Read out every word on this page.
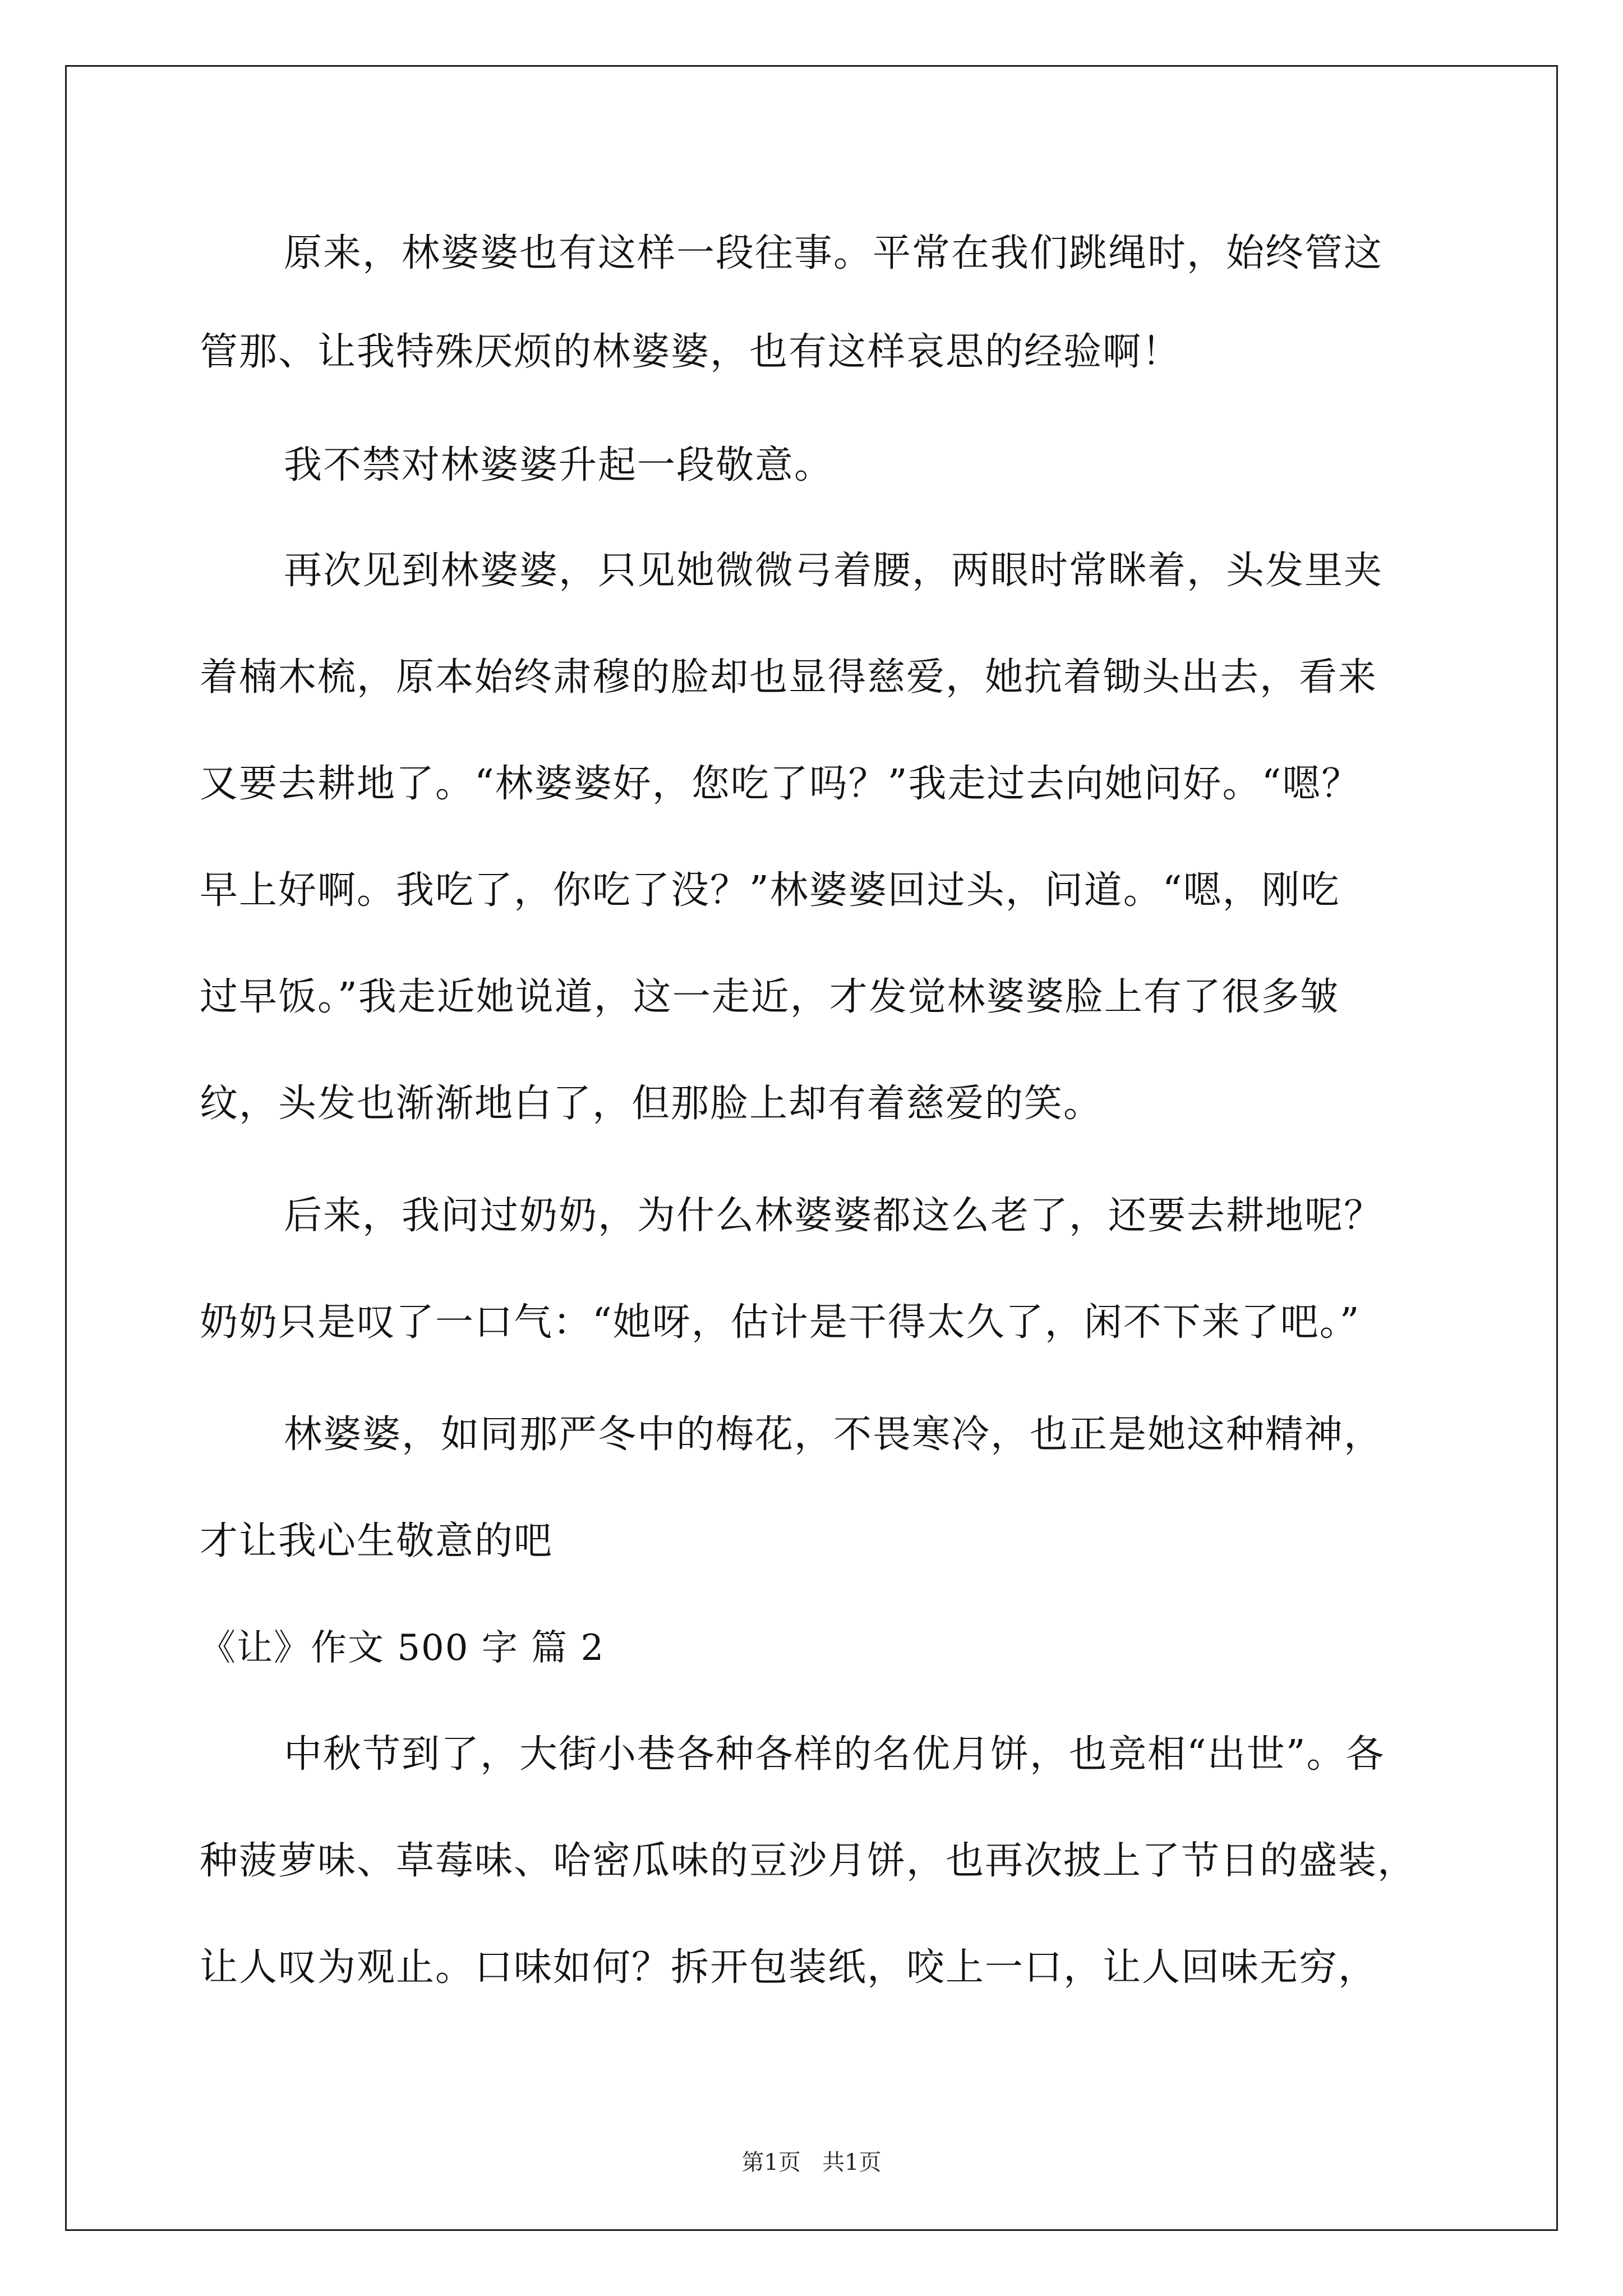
原来，林婆婆也有这样一段往事。平常在我们跳绳时，始终管这
管那、让我特殊厌烦的林婆婆，也有这样哀思的经验啊！
我不禁对林婆婆升起一段敬意。
再次见到林婆婆，只见她微微弓着腰，两眼时常眯着，头发里夹
着楠木梳，原本始终肃穆的脸却也显得慈爱，她抗着锄头出去，看来
又要去耕地了。“林婆婆好，您吃了吗？”我走过去向她问好。“嗯？
早上好啊。我吃了，你吃了没？”林婆婆回过头，问道。“嗯，刚吃
过早饭。”我走近她说道，这一走近，才发觉林婆婆脸上有了很多皱
纹，头发也渐渐地白了，但那脸上却有着慈爱的笑。
后来，我问过奶奶，为什么林婆婆都这么老了，还要去耕地呢？
奶奶只是叹了一口气：“她呀，估计是干得太久了，闲不下来了吧。”
林婆婆，如同那严冬中的梅花，不畏寒冷，也正是她这种精神，
才让我心生敬意的吧
《让》作文 500 字 篇 2
中秋节到了，大街小巷各种各样的名优月饼，也竞相“出世”。各
种菠萝味、草莓味、哈密瓜味的豆沙月饼，也再次披上了节日的盛装，
让人叹为观止。口味如何？拆开包装纸，咬上一口，让人回味无穷，
第1页   共1页
